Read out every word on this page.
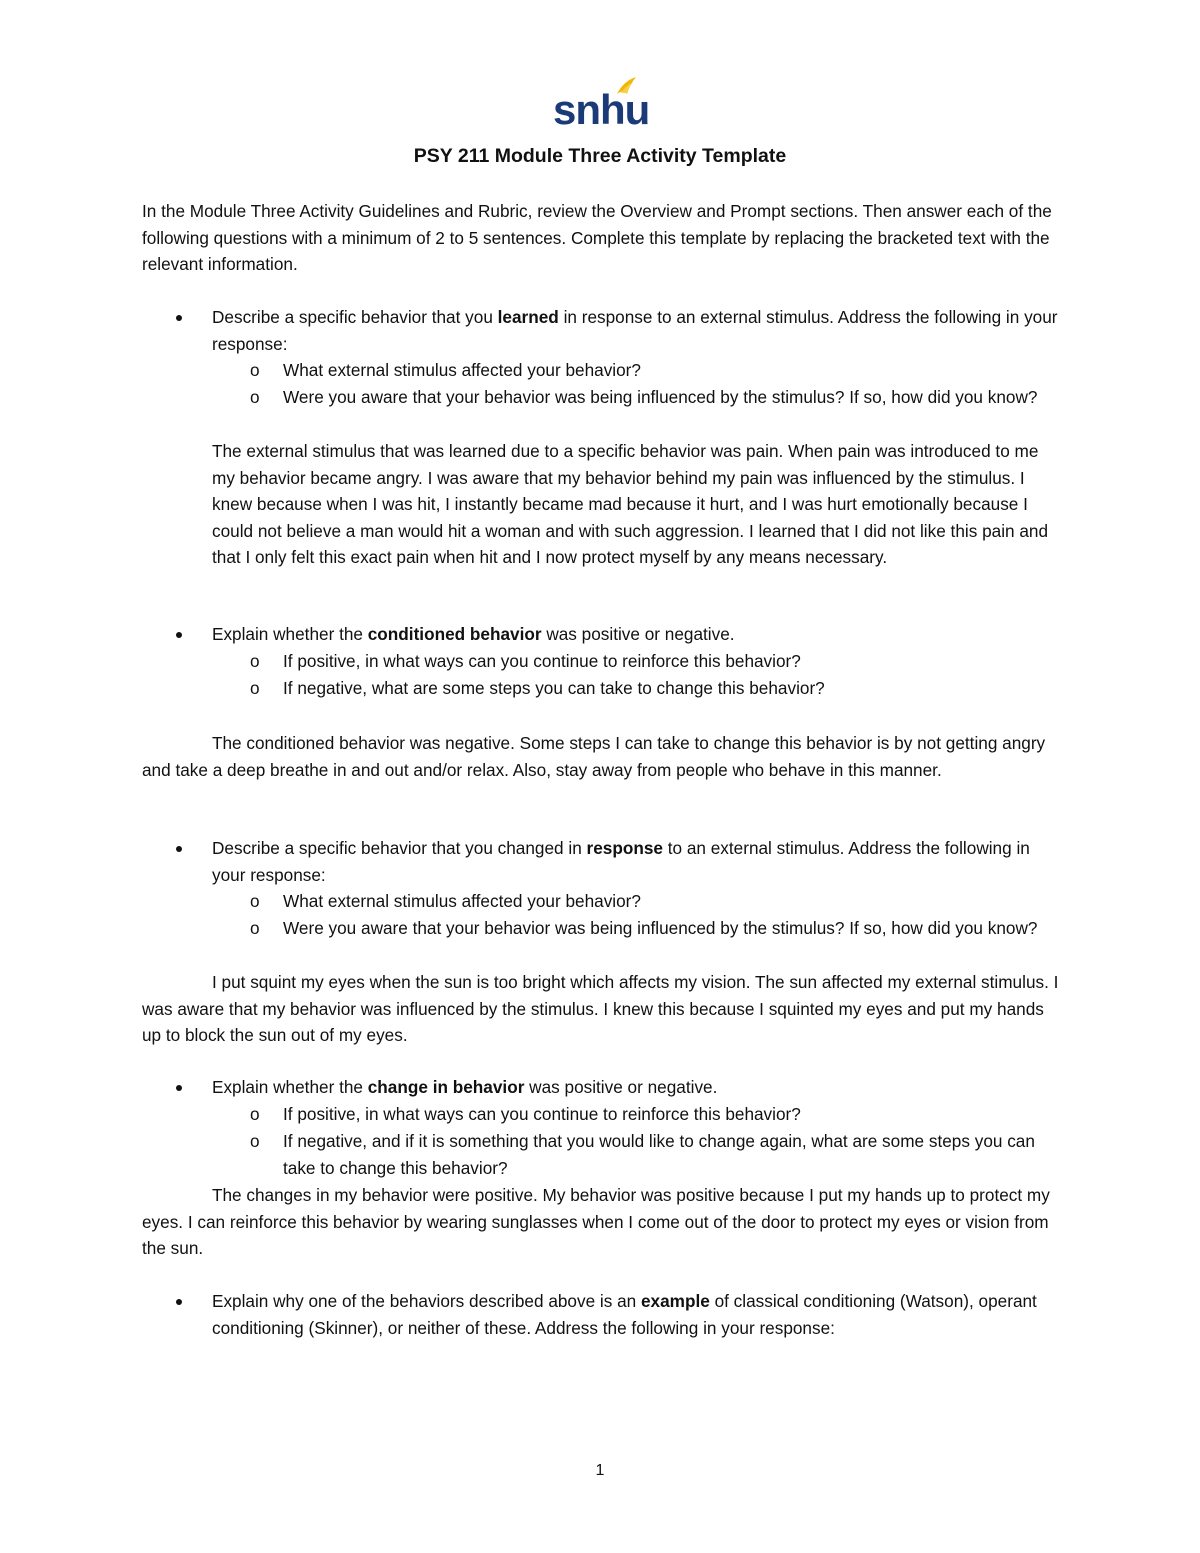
snhu
PSY 211 Module Three Activity Template

In the Module Three Activity Guidelines and Rubric, review the Overview and Prompt sections. Then answer each of the following questions with a minimum of 2 to 5 sentences. Complete this template by replacing the bracketed text with the relevant information.

Describe a specific behavior that you learned in response to an external stimulus. Address the following in your response:
o What external stimulus affected your behavior?
o Were you aware that your behavior was being influenced by the stimulus? If so, how did you know?

The external stimulus that was learned due to a specific behavior was pain. When pain was introduced to me my behavior became angry. I was aware that my behavior behind my pain was influenced by the stimulus. I knew because when I was hit, I instantly became mad because it hurt, and I was hurt emotionally because I could not believe a man would hit a woman and with such aggression. I learned that I did not like this pain and that I only felt this exact pain when hit and I now protect myself by any means necessary.

Explain whether the conditioned behavior was positive or negative.
o If positive, in what ways can you continue to reinforce this behavior?
o If negative, what are some steps you can take to change this behavior?

The conditioned behavior was negative. Some steps I can take to change this behavior is by not getting angry and take a deep breathe in and out and/or relax. Also, stay away from people who behave in this manner.

Describe a specific behavior that you changed in response to an external stimulus. Address the following in your response:
o What external stimulus affected your behavior?
o Were you aware that your behavior was being influenced by the stimulus? If so, how did you know?

I put squint my eyes when the sun is too bright which affects my vision. The sun affected my external stimulus. I was aware that my behavior was influenced by the stimulus. I knew this because I squinted my eyes and put my hands up to block the sun out of my eyes.

Explain whether the change in behavior was positive or negative.
o If positive, in what ways can you continue to reinforce this behavior?
o If negative, and if it is something that you would like to change again, what are some steps you can take to change this behavior?

The changes in my behavior were positive. My behavior was positive because I put my hands up to protect my eyes. I can reinforce this behavior by wearing sunglasses when I come out of the door to protect my eyes or vision from the sun.

Explain why one of the behaviors described above is an example of classical conditioning (Watson), operant conditioning (Skinner), or neither of these. Address the following in your response:
1
